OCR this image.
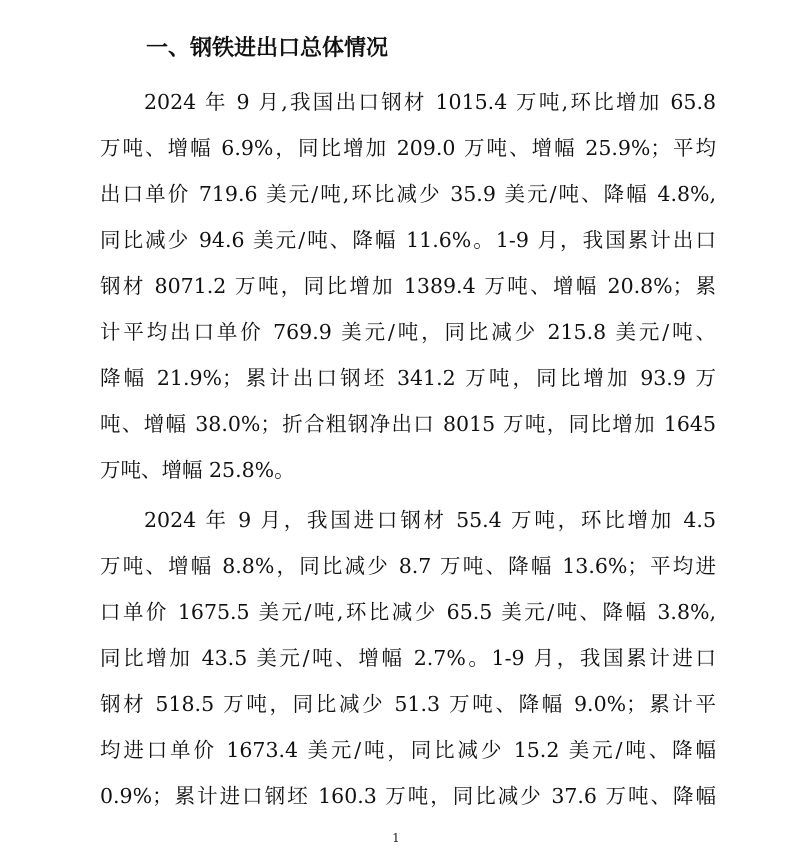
一、钢铁进出口总体情况
2024 年 9 月,我国出口钢材 1015.4 万吨,环比增加 65.8
万吨、增幅 6.9%，同比增加 209.0 万吨、增幅 25.9%；平均
出口单价 719.6 美元/吨,环比减少 35.9 美元/吨、降幅 4.8%,
同比减少 94.6 美元/吨、降幅 11.6%。1-9 月，我国累计出口
钢材 8071.2 万吨，同比增加 1389.4 万吨、增幅 20.8%；累
计平均出口单价 769.9 美元/吨，同比减少 215.8 美元/吨、
降幅 21.9%；累计出口钢坯 341.2 万吨，同比增加 93.9 万
吨、增幅 38.0%；折合粗钢净出口 8015 万吨，同比增加 1645
万吨、增幅 25.8%。
2024 年 9 月，我国进口钢材 55.4 万吨，环比增加 4.5
万吨、增幅 8.8%，同比减少 8.7 万吨、降幅 13.6%；平均进
口单价 1675.5 美元/吨,环比减少 65.5 美元/吨、降幅 3.8%,
同比增加 43.5 美元/吨、增幅 2.7%。1-9 月，我国累计进口
钢材 518.5 万吨，同比减少 51.3 万吨、降幅 9.0%；累计平
均进口单价 1673.4 美元/吨，同比减少 15.2 美元/吨、降幅
0.9%；累计进口钢坯 160.3 万吨，同比减少 37.6 万吨、降幅
1
